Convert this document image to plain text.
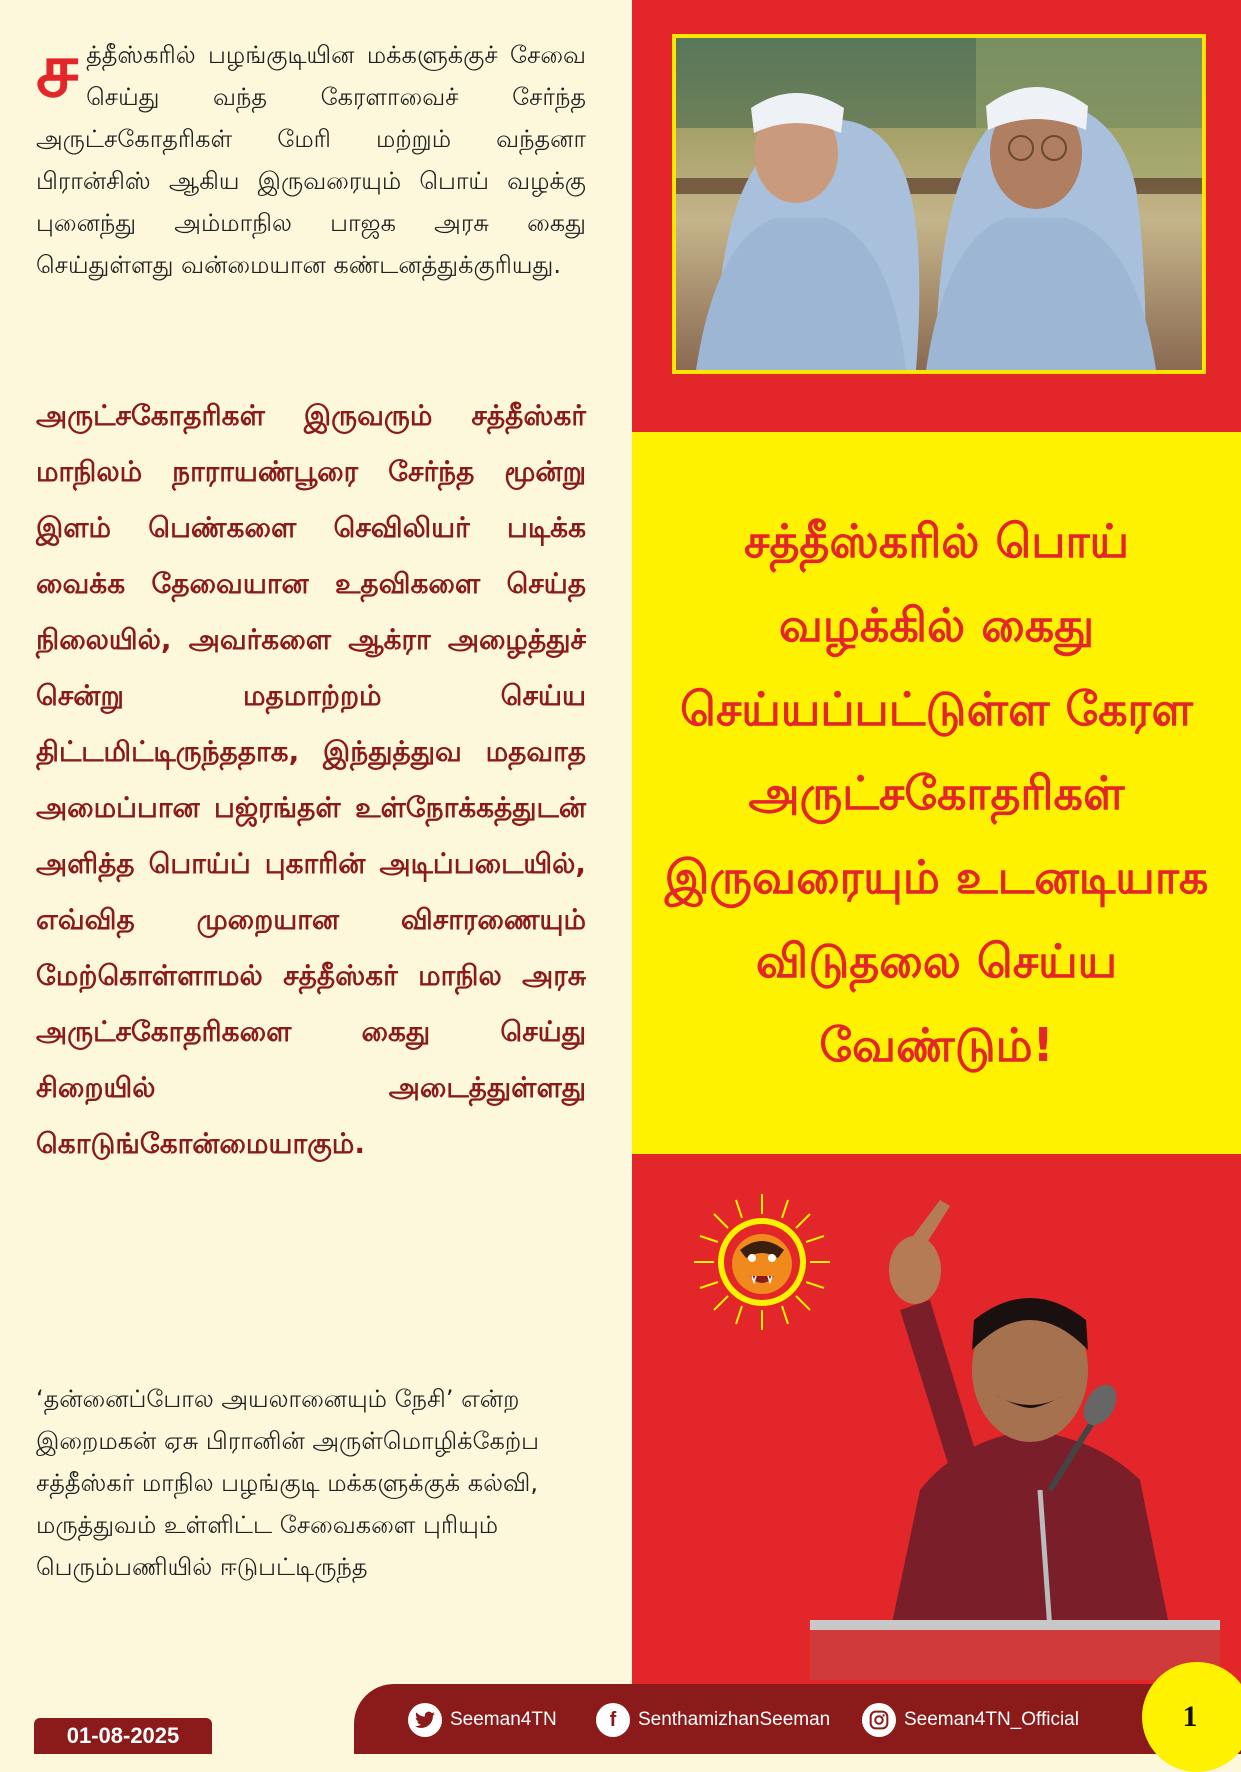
சத்தீஸ்கரில் பழங்குடியின மக்களுக்குச் சேவை செய்து வந்த கேரளாவைச் சேர்ந்த அருட்சகோதரிகள் மேரி மற்றும் வந்தனா பிரான்சிஸ் ஆகிய இருவரையும் பொய் வழக்கு புனைந்து அம்மாநில பாஜக அரசு கைது செய்துள்ளது வன்மையான கண்டனத்துக்குரியது.
அருட்சகோதரிகள் இருவரும் சத்தீஸ்கர் மாநிலம் நாராயண்பூரை சேர்ந்த மூன்று இளம் பெண்களை செவிலியர் படிக்க வைக்க தேவையான உதவிகளை செய்த நிலையில், அவர்களை ஆக்ரா அழைத்துச் சென்று மதமாற்றம் செய்ய திட்டமிட்டிருந்ததாக, இந்துத்துவ மதவாத அமைப்பான பஜ்ரங்தள் உள்நோக்கத்துடன் அளித்த பொய்ப் புகாரின் அடிப்படையில், எவ்வித முறையான விசாரணையும் மேற்கொள்ளாமல் சத்தீஸ்கர் மாநில அரசு அருட்சகோதரிகளை கைது செய்து சிறையில் அடைத்துள்ளது கொடுங்கோன்மையாகும்.
‘தன்னைப்போல அயலானையும் நேசி’ என்ற இறைமகன் ஏசு பிரானின் அருள்மொழிக்கேற்ப சத்தீஸ்கர் மாநில பழங்குடி மக்களுக்குக் கல்வி, மருத்துவம் உள்ளிட்ட சேவைகளை புரியும் பெரும்பணியில் ஈடுபட்டிருந்த
சத்தீஸ்கரில் பொய் வழக்கில் கைது செய்யப்பட்டுள்ள கேரள அருட்சகோதரிகள் இருவரையும் உடனடியாக விடுதலை செய்ய வேண்டும்!
Seeman4TN	f	SenthamizhanSeeman	Seeman4TN_Official	1
01-08-2025
